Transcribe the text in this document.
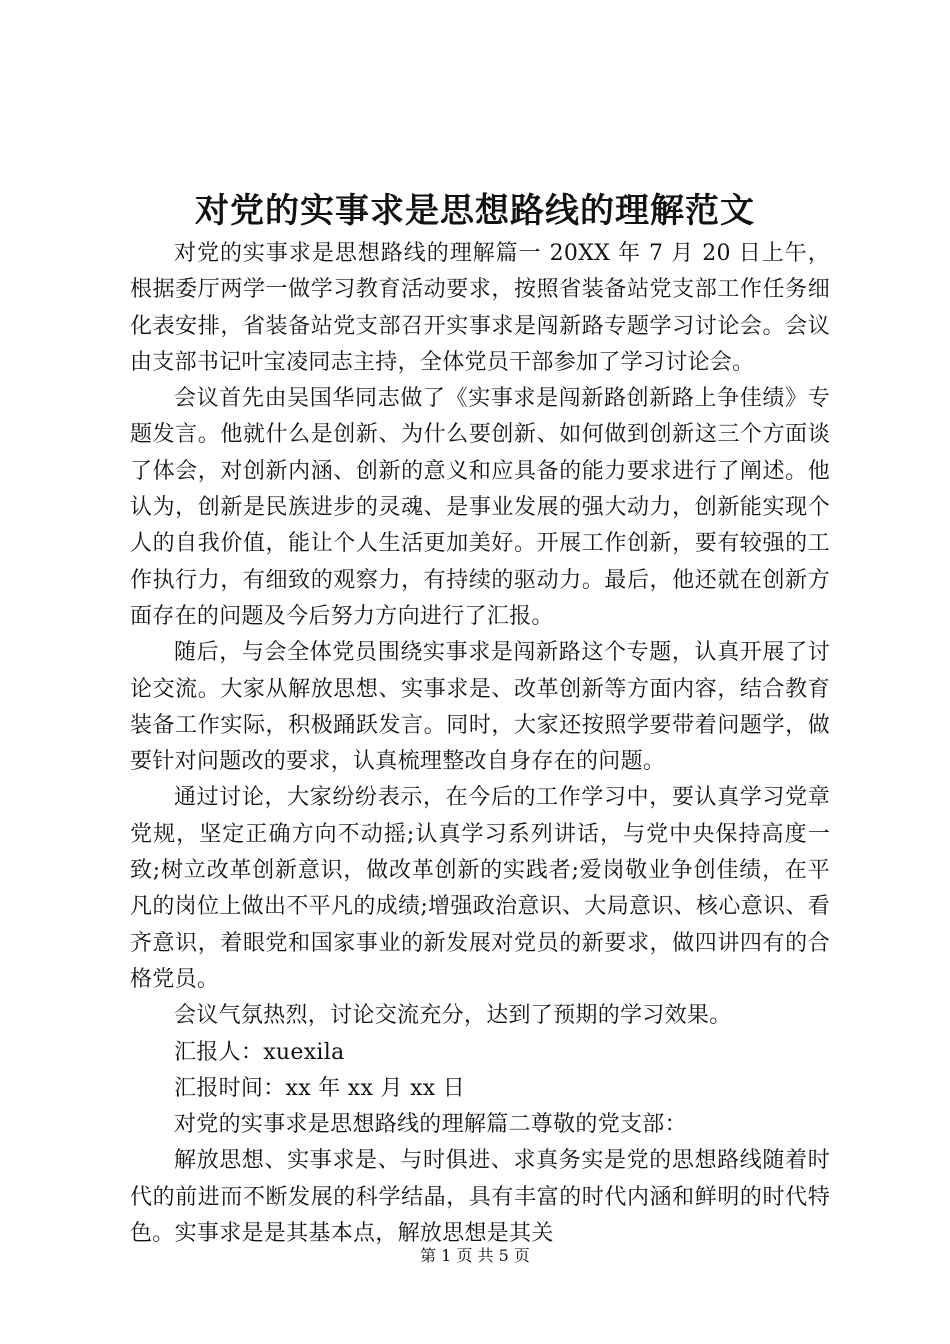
对党的实事求是思想路线的理解范文

对党的实事求是思想路线的理解篇一 20XX 年 7 月 20 日上午，根据委厅两学一做学习教育活动要求，按照省装备站党支部工作任务细化表安排，省装备站党支部召开实事求是闯新路专题学习讨论会。会议由支部书记叶宝凌同志主持，全体党员干部参加了学习讨论会。

会议首先由吴国华同志做了《实事求是闯新路创新路上争佳绩》专题发言。他就什么是创新、为什么要创新、如何做到创新这三个方面谈了体会，对创新内涵、创新的意义和应具备的能力要求进行了阐述。他认为，创新是民族进步的灵魂、是事业发展的强大动力，创新能实现个人的自我价值，能让个人生活更加美好。开展工作创新，要有较强的工作执行力，有细致的观察力，有持续的驱动力。最后，他还就在创新方面存在的问题及今后努力方向进行了汇报。

随后，与会全体党员围绕实事求是闯新路这个专题，认真开展了讨论交流。大家从解放思想、实事求是、改革创新等方面内容，结合教育装备工作实际，积极踊跃发言。同时，大家还按照学要带着问题学，做要针对问题改的要求，认真梳理整改自身存在的问题。

通过讨论，大家纷纷表示，在今后的工作学习中，要认真学习党章党规，坚定正确方向不动摇;认真学习系列讲话，与党中央保持高度一致;树立改革创新意识，做改革创新的实践者;爱岗敬业争创佳绩，在平凡的岗位上做出不平凡的成绩;增强政治意识、大局意识、核心意识、看齐意识，着眼党和国家事业的新发展对党员的新要求，做四讲四有的合格党员。

会议气氛热烈，讨论交流充分，达到了预期的学习效果。

汇报人：xuexila

汇报时间：xx 年 xx 月 xx 日

对党的实事求是思想路线的理解篇二尊敬的党支部：

解放思想、实事求是、与时俱进、求真务实是党的思想路线随着时代的前进而不断发展的科学结晶，具有丰富的时代内涵和鲜明的时代特色。实事求是是其基本点，解放思想是其关

第 1 页 共 5 页
